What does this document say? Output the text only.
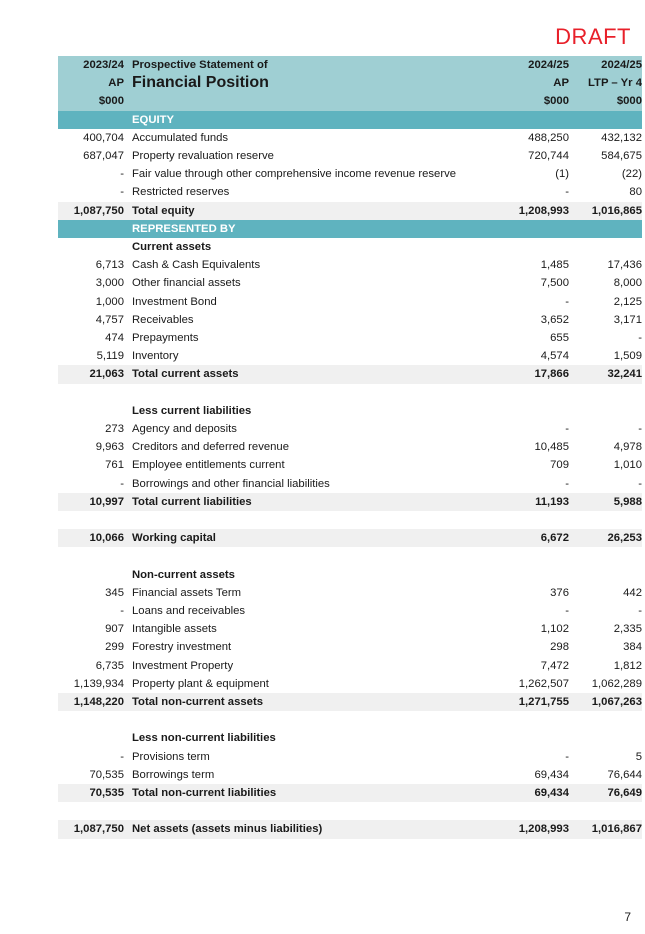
DRAFT
2023/24	Prospective Statement of	2024/25	2024/25
AP	Financial Position	AP	LTP – Yr 4
$000		$000	$000
	EQUITY		
400,704	Accumulated funds	488,250	432,132
687,047	Property revaluation reserve	720,744	584,675
-	Fair value through other comprehensive income revenue reserve	(1)	(22)
-	Restricted reserves	-	80
1,087,750	Total equity	1,208,993	1,016,865
	REPRESENTED BY		
	Current assets		
6,713	Cash & Cash Equivalents	1,485	17,436
3,000	Other financial assets	7,500	8,000
1,000	Investment Bond	-	2,125
4,757	Receivables	3,652	3,171
474	Prepayments	655	-
5,119	Inventory	4,574	1,509
21,063	Total current assets	17,866	32,241

	Less current liabilities		
273	Agency and deposits	-	-
9,963	Creditors and deferred revenue	10,485	4,978
761	Employee entitlements current	709	1,010
-	Borrowings and other financial liabilities	-	-
10,997	Total current liabilities	11,193	5,988

10,066	Working capital	6,672	26,253

	Non-current assets		
345	Financial assets Term	376	442
-	Loans and receivables	-	-
907	Intangible assets	1,102	2,335
299	Forestry investment	298	384
6,735	Investment Property	7,472	1,812
1,139,934	Property plant & equipment	1,262,507	1,062,289
1,148,220	Total non-current assets	1,271,755	1,067,263

	Less non-current liabilities		
-	Provisions term	-	5
70,535	Borrowings term	69,434	76,644
70,535	Total non-current liabilities	69,434	76,649

1,087,750	Net assets (assets minus liabilities)	1,208,993	1,016,867
7
